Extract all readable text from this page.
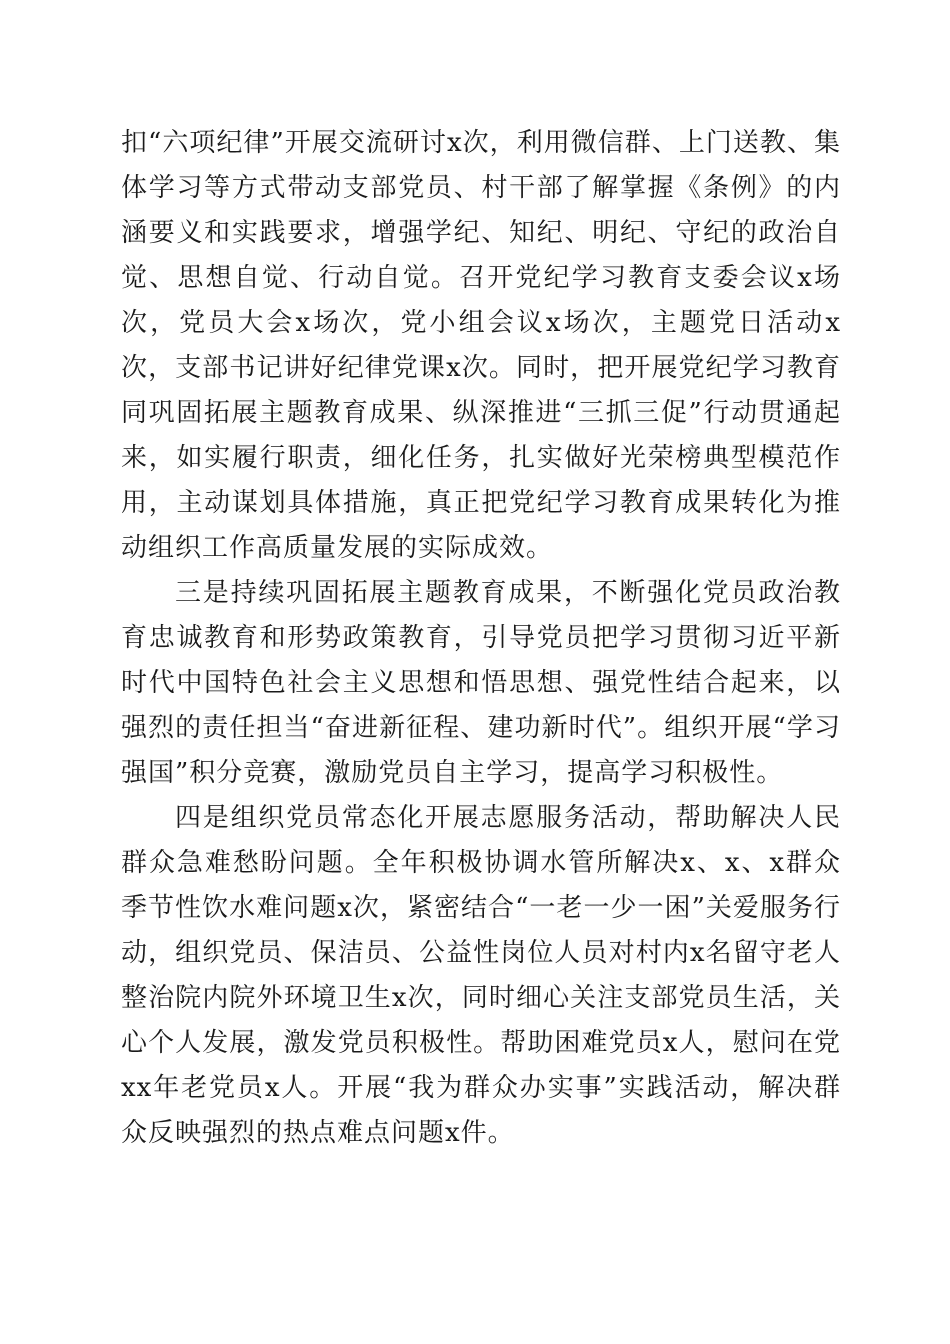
扣“六项纪律”开展交流研讨x次，利用微信群、上门送教、集体学习等方式带动支部党员、村干部了解掌握《条例》的内涵要义和实践要求，增强学纪、知纪、明纪、守纪的政治自觉、思想自觉、行动自觉。召开党纪学习教育支委会议x场次，党员大会x场次，党小组会议x场次，主题党日活动x次，支部书记讲好纪律党课x次。同时，把开展党纪学习教育同巩固拓展主题教育成果、纵深推进“三抓三促”行动贯通起来，如实履行职责，细化任务，扎实做好光荣榜典型模范作用，主动谋划具体措施，真正把党纪学习教育成果转化为推动组织工作高质量发展的实际成效。

三是持续巩固拓展主题教育成果，不断强化党员政治教育忠诚教育和形势政策教育，引导党员把学习贯彻习近平新时代中国特色社会主义思想和悟思想、强党性结合起来，以强烈的责任担当“奋进新征程、建功新时代”。组织开展“学习强国”积分竞赛，激励党员自主学习，提高学习积极性。

四是组织党员常态化开展志愿服务活动，帮助解决人民群众急难愁盼问题。全年积极协调水管所解决x、x、x群众季节性饮水难问题x次，紧密结合“一老一少一困”关爱服务行动，组织党员、保洁员、公益性岗位人员对村内x名留守老人整治院内院外环境卫生x次，同时细心关注支部党员生活，关心个人发展，激发党员积极性。帮助困难党员x人，慰问在党xx年老党员x人。开展“我为群众办实事”实践活动，解决群众反映强烈的热点难点问题x件。
